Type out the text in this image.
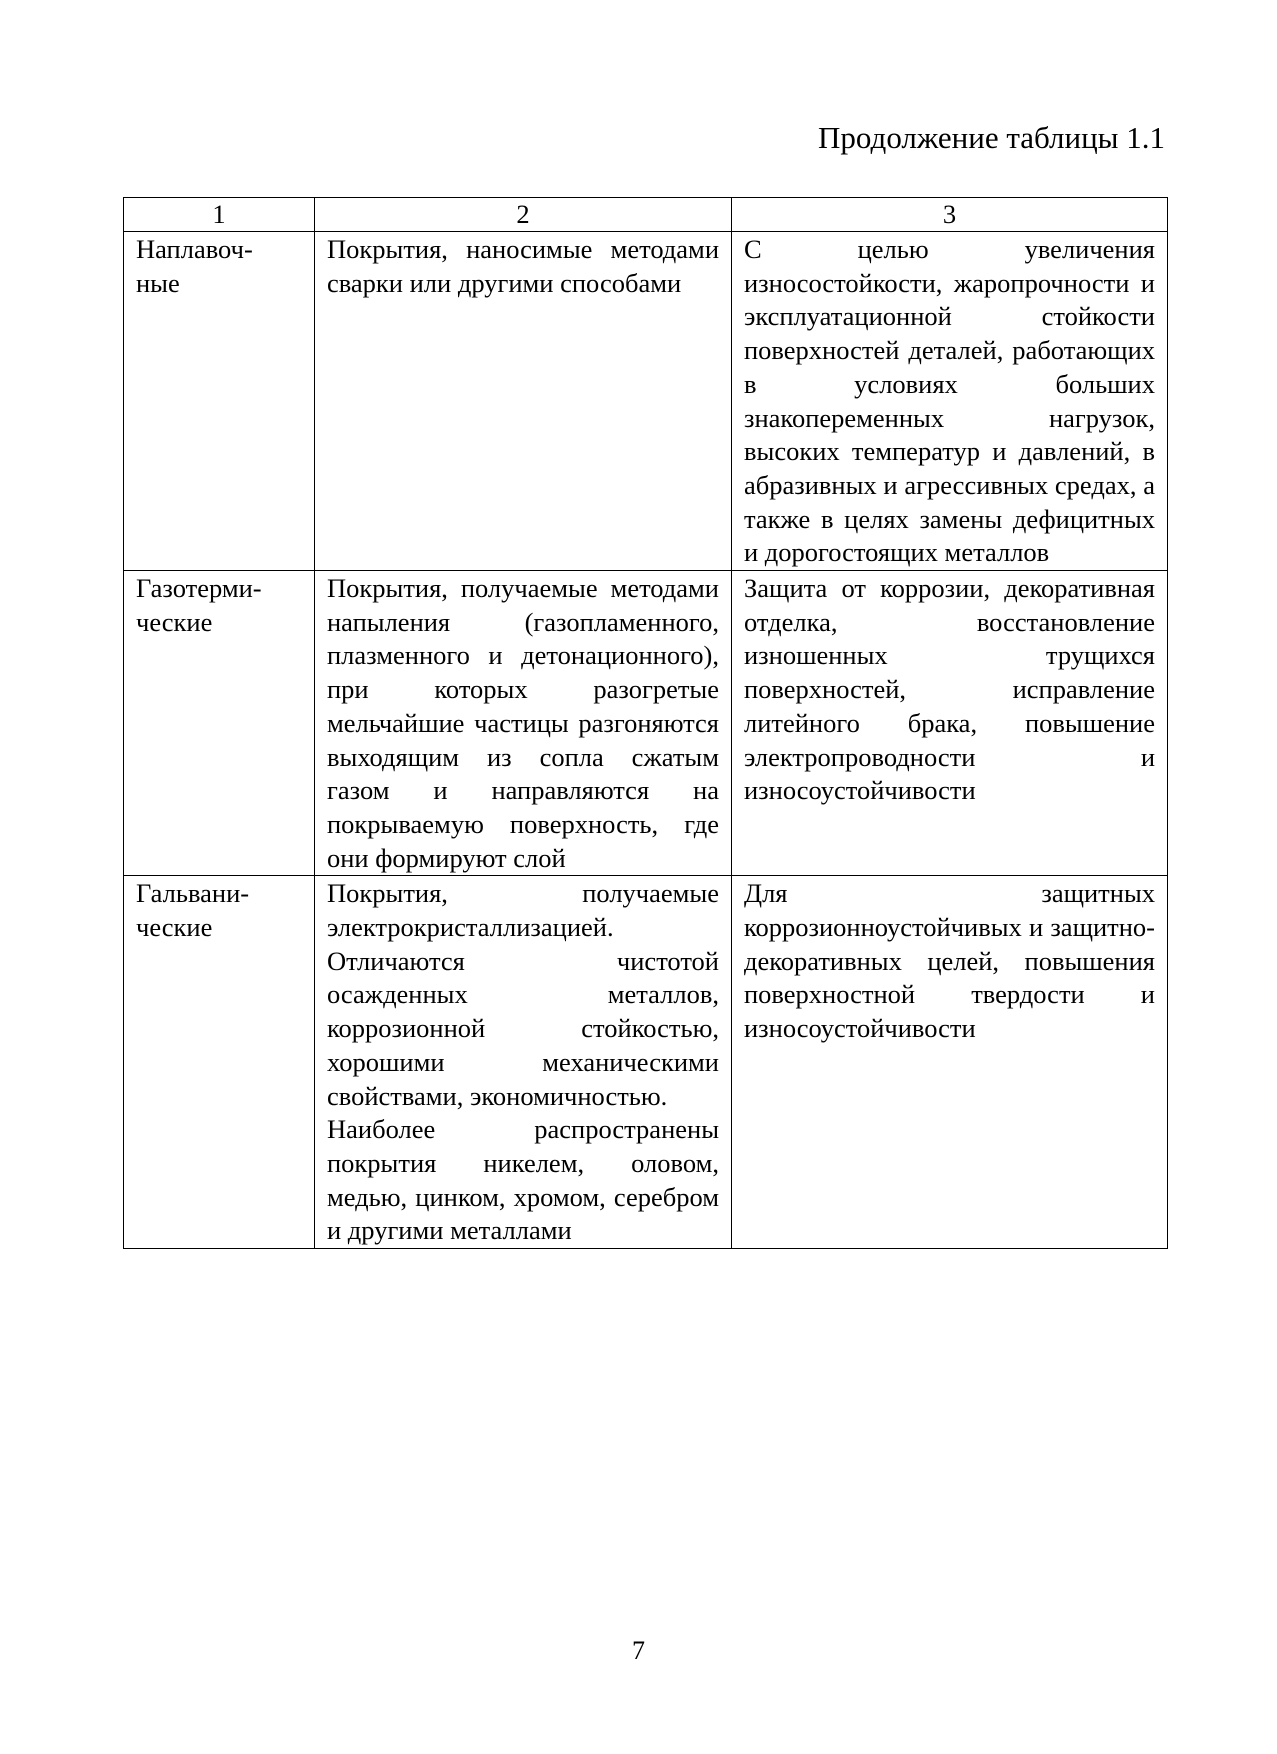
Продолжение таблицы 1.1
1	2	3

Наплавоч-
ные	Покрытия, наносимые методами сварки или другими способами	С целью увеличения износостойкости, жаропрочности и эксплуатационной стойкости поверхностей деталей, работающих в условиях больших знакопеременных нагрузок, высоких температур и давлений, в абразивных и агрессивных средах, а также в целях замены дефицитных и дорогостоящих металлов

Газотерми-
ческие	Покрытия, получаемые методами напыления (газопламенного, плазменного и детонационного), при которых разогретые мельчайшие частицы разгоняются выходящим из сопла сжатым газом и направляются на покрываемую поверхность, где они формируют слой	Защита от коррозии, декоративная отделка, восстановление изношенных трущихся поверхностей, исправление литейного брака, повышение электропроводности и износоустойчивости

Гальвани-
ческие	Покрытия, получаемые электрокристаллизацией.
Отличаются чистотой осажденных металлов, коррозионной стойкостью, хорошими механическими свойствами, экономичностью.
Наиболее распространены покрытия никелем, оловом, медью, цинком, хромом, серебром и другими металлами	Для защитных коррозионноустойчивых и защитно-декоративных целей, повышения поверхностной твердости и износоустойчивости
7
